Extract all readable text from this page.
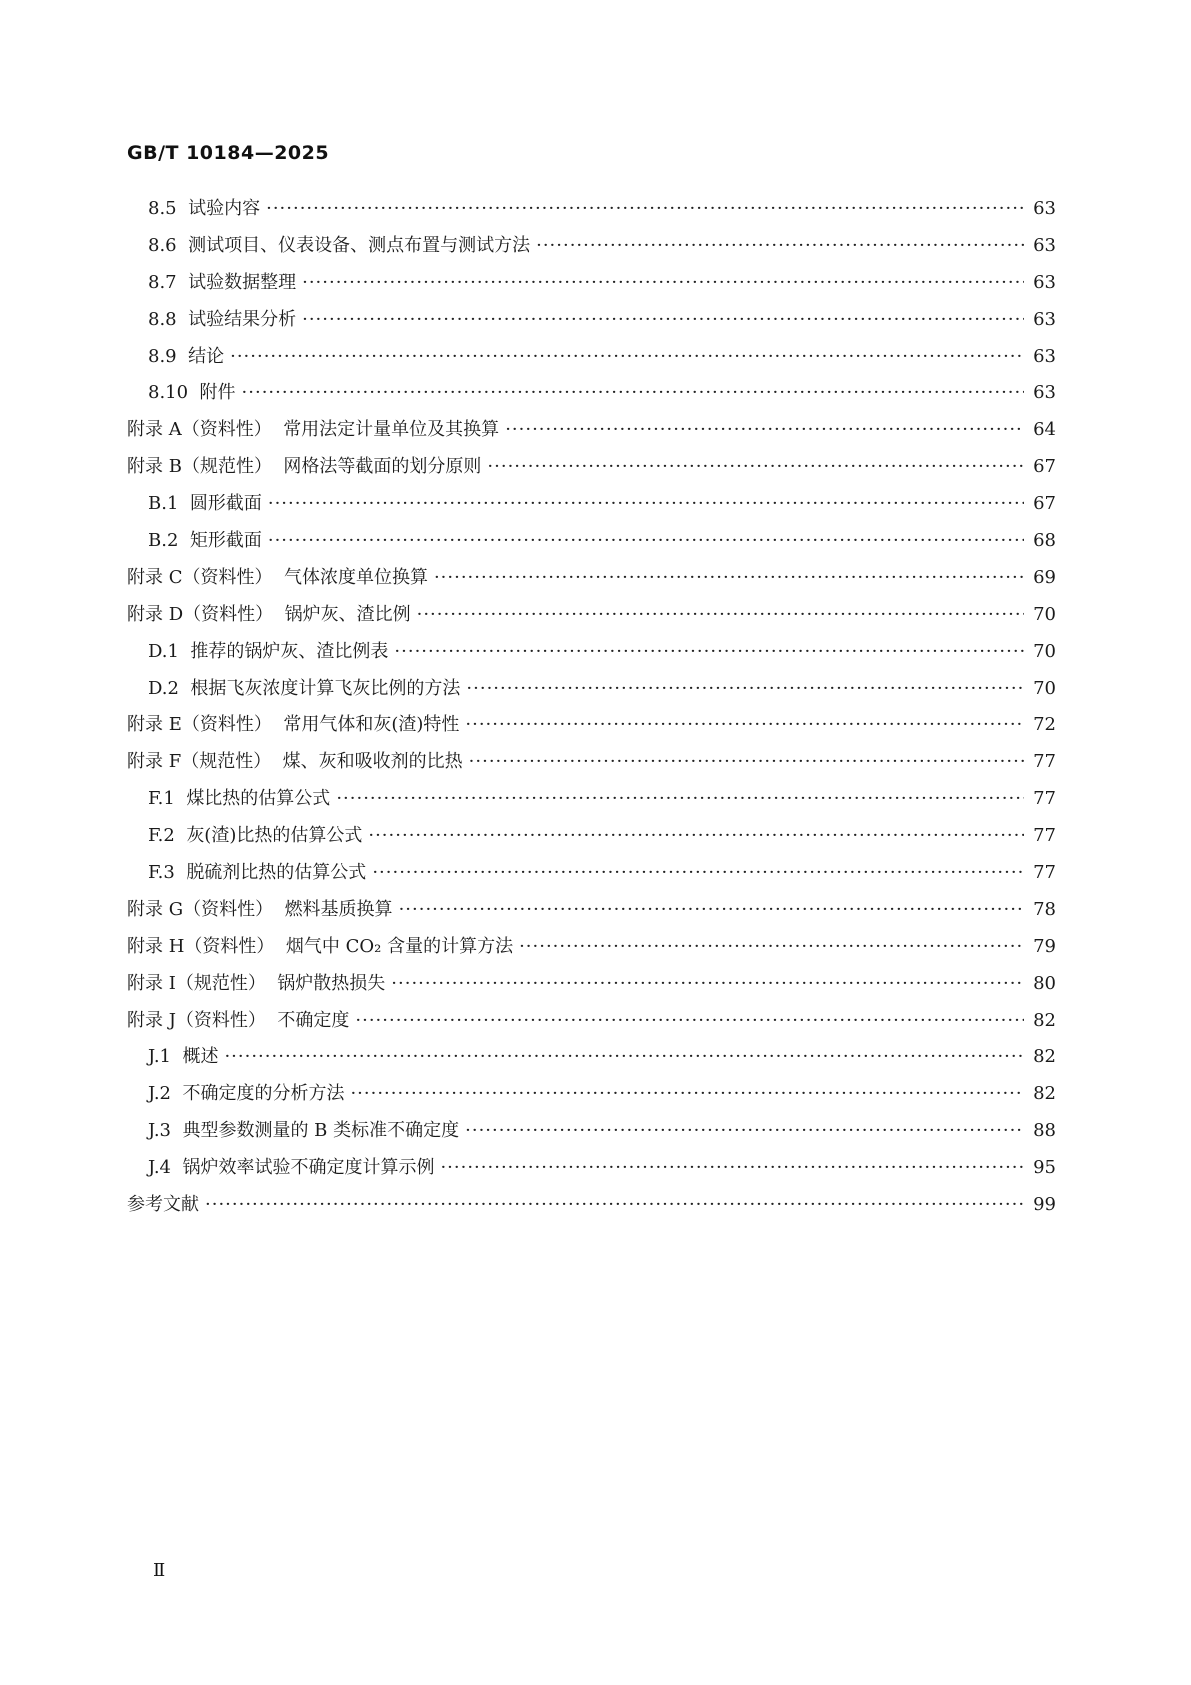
GB/T 10184—2025
8.5 试验内容 ·····	63
8.6 测试项目、仪表设备、测点布置与测试方法 ·····	63
8.7 试验数据整理 ·····	63
8.8 试验结果分析 ·····	63
8.9 结论 ·····	63
8.10 附件 ·····	63
附录 A（资料性） 常用法定计量单位及其换算 ·····	64
附录 B（规范性） 网格法等截面的划分原则 ·····	67
B.1 圆形截面 ·····	67
B.2 矩形截面 ·····	68
附录 C（资料性） 气体浓度单位换算 ·····	69
附录 D（资料性） 锅炉灰、渣比例 ·····	70
D.1 推荐的锅炉灰、渣比例表 ·····	70
D.2 根据飞灰浓度计算飞灰比例的方法 ·····	70
附录 E（资料性） 常用气体和灰(渣)特性 ·····	72
附录 F（规范性） 煤、灰和吸收剂的比热 ·····	77
F.1 煤比热的估算公式 ·····	77
F.2 灰(渣)比热的估算公式 ·····	77
F.3 脱硫剂比热的估算公式 ·····	77
附录 G（资料性） 燃料基质换算 ·····	78
附录 H（资料性） 烟气中 CO₂ 含量的计算方法 ·····	79
附录 I（规范性） 锅炉散热损失 ·····	80
附录 J（资料性） 不确定度 ·····	82
J.1 概述 ·····	82
J.2 不确定度的分析方法 ·····	82
J.3 典型参数测量的 B 类标准不确定度 ·····	88
J.4 锅炉效率试验不确定度计算示例 ·····	95
参考文献 ·····	99
Ⅱ
